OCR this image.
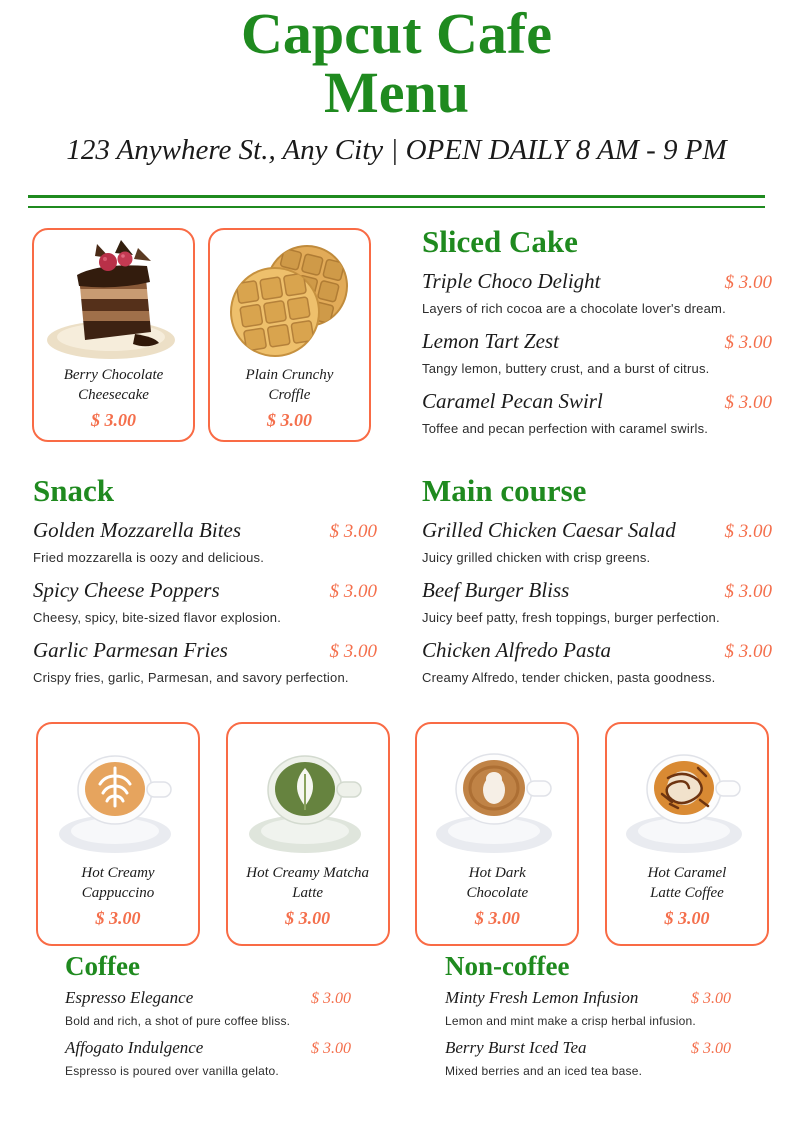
Capcut Cafe
Menu
123 Anywhere St., Any City | OPEN DAILY 8 AM - 9 PM
Berry Chocolate
Cheesecake
$ 3.00
Plain Crunchy
Croffle
$ 3.00
Sliced Cake
Triple Choco Delight	$ 3.00
Layers of rich cocoa are a chocolate lover's dream.
Lemon Tart Zest	$ 3.00
Tangy lemon, buttery crust, and a burst of citrus.
Caramel Pecan Swirl	$ 3.00
Toffee and pecan perfection with caramel swirls.
Snack
Golden Mozzarella Bites	$ 3.00
Fried mozzarella is oozy and delicious.
Spicy Cheese Poppers	$ 3.00
Cheesy, spicy, bite-sized flavor explosion.
Garlic Parmesan Fries	$ 3.00
Crispy fries, garlic, Parmesan, and savory perfection.
Main course
Grilled Chicken Caesar Salad	$ 3.00
Juicy grilled chicken with crisp greens.
Beef Burger Bliss	$ 3.00
Juicy beef patty, fresh toppings, burger perfection.
Chicken Alfredo Pasta	$ 3.00
Creamy Alfredo, tender chicken, pasta goodness.
Hot Creamy
Cappuccino
$ 3.00
Hot Creamy Matcha
Latte
$ 3.00
Hot Dark
Chocolate
$ 3.00
Hot Caramel
Latte Coffee
$ 3.00
Coffee
Espresso Elegance	$ 3.00
Bold and rich, a shot of pure coffee bliss.
Affogato Indulgence	$ 3.00
Espresso is poured over vanilla gelato.
Non-coffee
Minty Fresh Lemon Infusion	$ 3.00
Lemon and mint make a crisp herbal infusion.
Berry Burst Iced Tea	$ 3.00
Mixed berries and an iced tea base.
